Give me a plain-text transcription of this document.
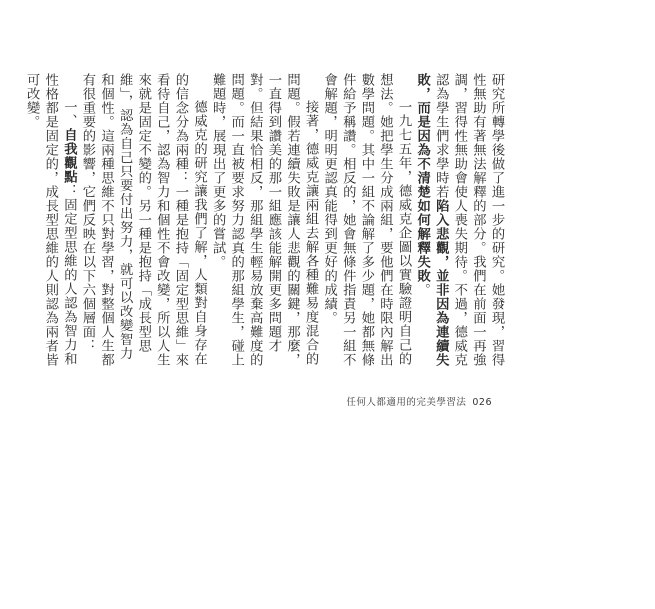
研究所轉學後做了進一步的研究。她發現，習得性無助有著無法解釋的部分。我們在前面一再強調，習得性無助會使人喪失期待。不過，德威克認為學生們求學時若陷入悲觀，並非因為連續失敗，而是因為不清楚如何解釋失敗。

一九七五年，德威克企圖以實驗證明自己的想法。她把學生分成兩組，要他們在時限內解出數學問題。其中一組不論解了多少題，她都無條件給予稱讚。相反的，她會無條件指責另一組不會解題，明明更認真能得到更好的成績。

接著，德威克讓兩組去解各種難易度混合的問題。假若連續失敗是讓人悲觀的關鍵，那麼，一直得到讚美的那一組應該能解開更多問題才對。但結果恰相反，那組學生輕易放棄高難度的問題。而一直被要求努力認真的那組學生，碰上難題時，展現出了更多的嘗試。

德威克的研究讓我們了解，人類對自身存在的信念分為兩種：一種是抱持「固定型思維」來看待自己，認為智力和個性不會改變，所以人生來就是固定不變的。另一種是抱持「成長型思維」，認為自己只要付出努力，就可以改變智力和個性。這兩種思維不只對學習，對整個人生都有很重要的影響，它們反映在以下六個層面：

一、自我觀點：固定型思維的人認為智力和性格都是固定的，成長型思維的人則認為兩者皆可改變。

任何人都適用的完美學習法 026
